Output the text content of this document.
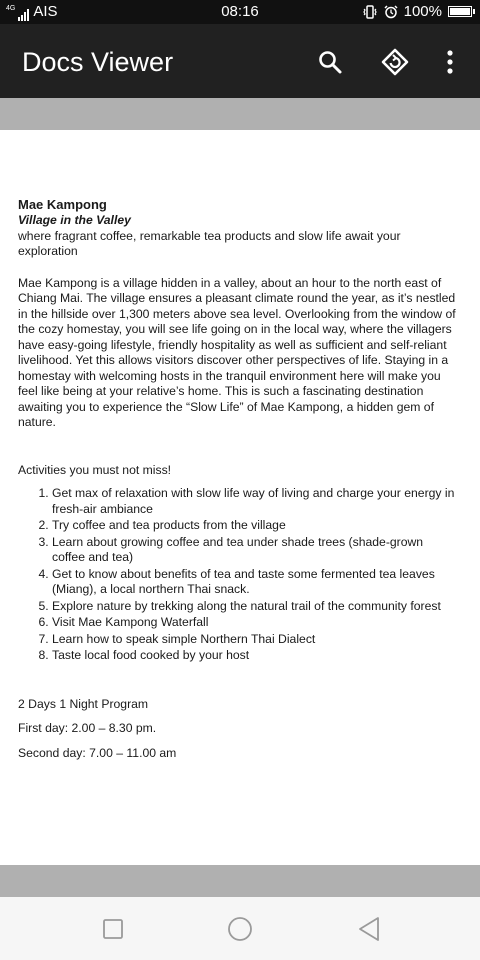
4G AIS	08:16	100%
Docs Viewer
Mae Kampong

Village in the Valley

where fragrant coffee, remarkable tea products and slow life await your exploration

Mae Kampong is a village hidden in a valley, about an hour to the north east of Chiang Mai. The village ensures a pleasant climate round the year, as it’s nestled in the hillside over 1,300 meters above sea level. Overlooking from the window of the cozy homestay, you will see life going on in the local way, where the villagers have easy-going lifestyle, friendly hospitality as well as sufficient and self-reliant livelihood. Yet this allows visitors discover other perspectives of life. Staying in a homestay with welcoming hosts in the tranquil environment here will make you feel like being at your relative’s home. This is such a fascinating destination awaiting you to experience the “Slow Life” of Mae Kampong, a hidden gem of nature.

Activities you must not miss!

1. Get max of relaxation with slow life way of living and charge your energy in fresh-air ambiance
2. Try coffee and tea products from the village
3. Learn about growing coffee and tea under shade trees (shade-grown coffee and tea)
4. Get to know about benefits of tea and taste some fermented tea leaves (Miang), a local northern Thai snack.
5. Explore nature by trekking along the natural trail of the community forest
6. Visit Mae Kampong Waterfall
7. Learn how to speak simple Northern Thai Dialect
8. Taste local food cooked by your host

2 Days 1 Night Program

First day: 2.00 – 8.30 pm.

Second day: 7.00 – 11.00 am
